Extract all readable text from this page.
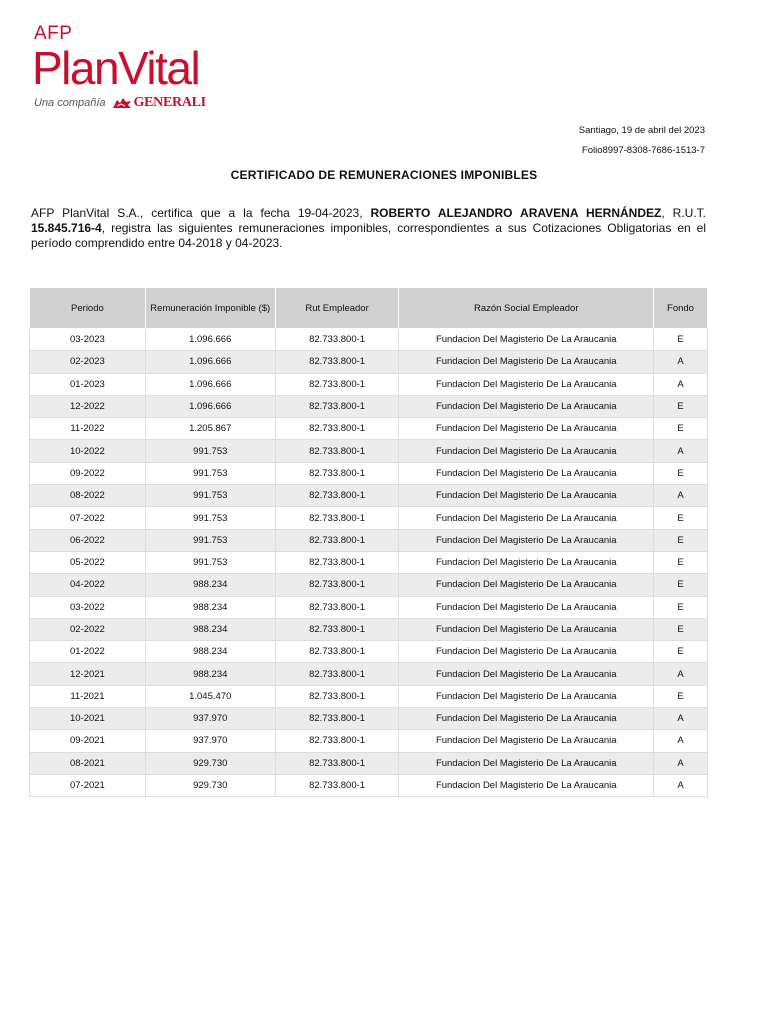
AFP
PlanVital
Una compañía GENERALI
Santiago, 19 de abril del 2023
Folio8997-8308-7686-1513-7
CERTIFICADO DE REMUNERACIONES IMPONIBLES
AFP PlanVital S.A., certifica que a la fecha 19-04-2023, ROBERTO ALEJANDRO ARAVENA HERNÁNDEZ, R.U.T. 15.845.716-4, registra las siguientes remuneraciones imponibles, correspondientes a sus Cotizaciones Obligatorias en el período comprendido entre 04-2018 y 04-2023.
Periodo	Remuneración Imponible ($)	Rut Empleador	Razón Social Empleador	Fondo
03-2023	1.096.666	82.733.800-1	Fundacion Del Magisterio De La Araucania	E
02-2023	1.096.666	82.733.800-1	Fundacion Del Magisterio De La Araucania	A
01-2023	1.096.666	82.733.800-1	Fundacion Del Magisterio De La Araucania	A
12-2022	1.096.666	82.733.800-1	Fundacion Del Magisterio De La Araucania	E
11-2022	1.205.867	82.733.800-1	Fundacion Del Magisterio De La Araucania	E
10-2022	991.753	82.733.800-1	Fundacion Del Magisterio De La Araucania	A
09-2022	991.753	82.733.800-1	Fundacion Del Magisterio De La Araucania	E
08-2022	991.753	82.733.800-1	Fundacion Del Magisterio De La Araucania	A
07-2022	991.753	82.733.800-1	Fundacion Del Magisterio De La Araucania	E
06-2022	991.753	82.733.800-1	Fundacion Del Magisterio De La Araucania	E
05-2022	991.753	82.733.800-1	Fundacion Del Magisterio De La Araucania	E
04-2022	988.234	82.733.800-1	Fundacion Del Magisterio De La Araucania	E
03-2022	988.234	82.733.800-1	Fundacion Del Magisterio De La Araucania	E
02-2022	988.234	82.733.800-1	Fundacion Del Magisterio De La Araucania	E
01-2022	988.234	82.733.800-1	Fundacion Del Magisterio De La Araucania	E
12-2021	988.234	82.733.800-1	Fundacion Del Magisterio De La Araucania	A
11-2021	1.045.470	82.733.800-1	Fundacion Del Magisterio De La Araucania	E
10-2021	937.970	82.733.800-1	Fundacion Del Magisterio De La Araucania	A
09-2021	937.970	82.733.800-1	Fundacion Del Magisterio De La Araucania	A
08-2021	929.730	82.733.800-1	Fundacion Del Magisterio De La Araucania	A
07-2021	929.730	82.733.800-1	Fundacion Del Magisterio De La Araucania	A
